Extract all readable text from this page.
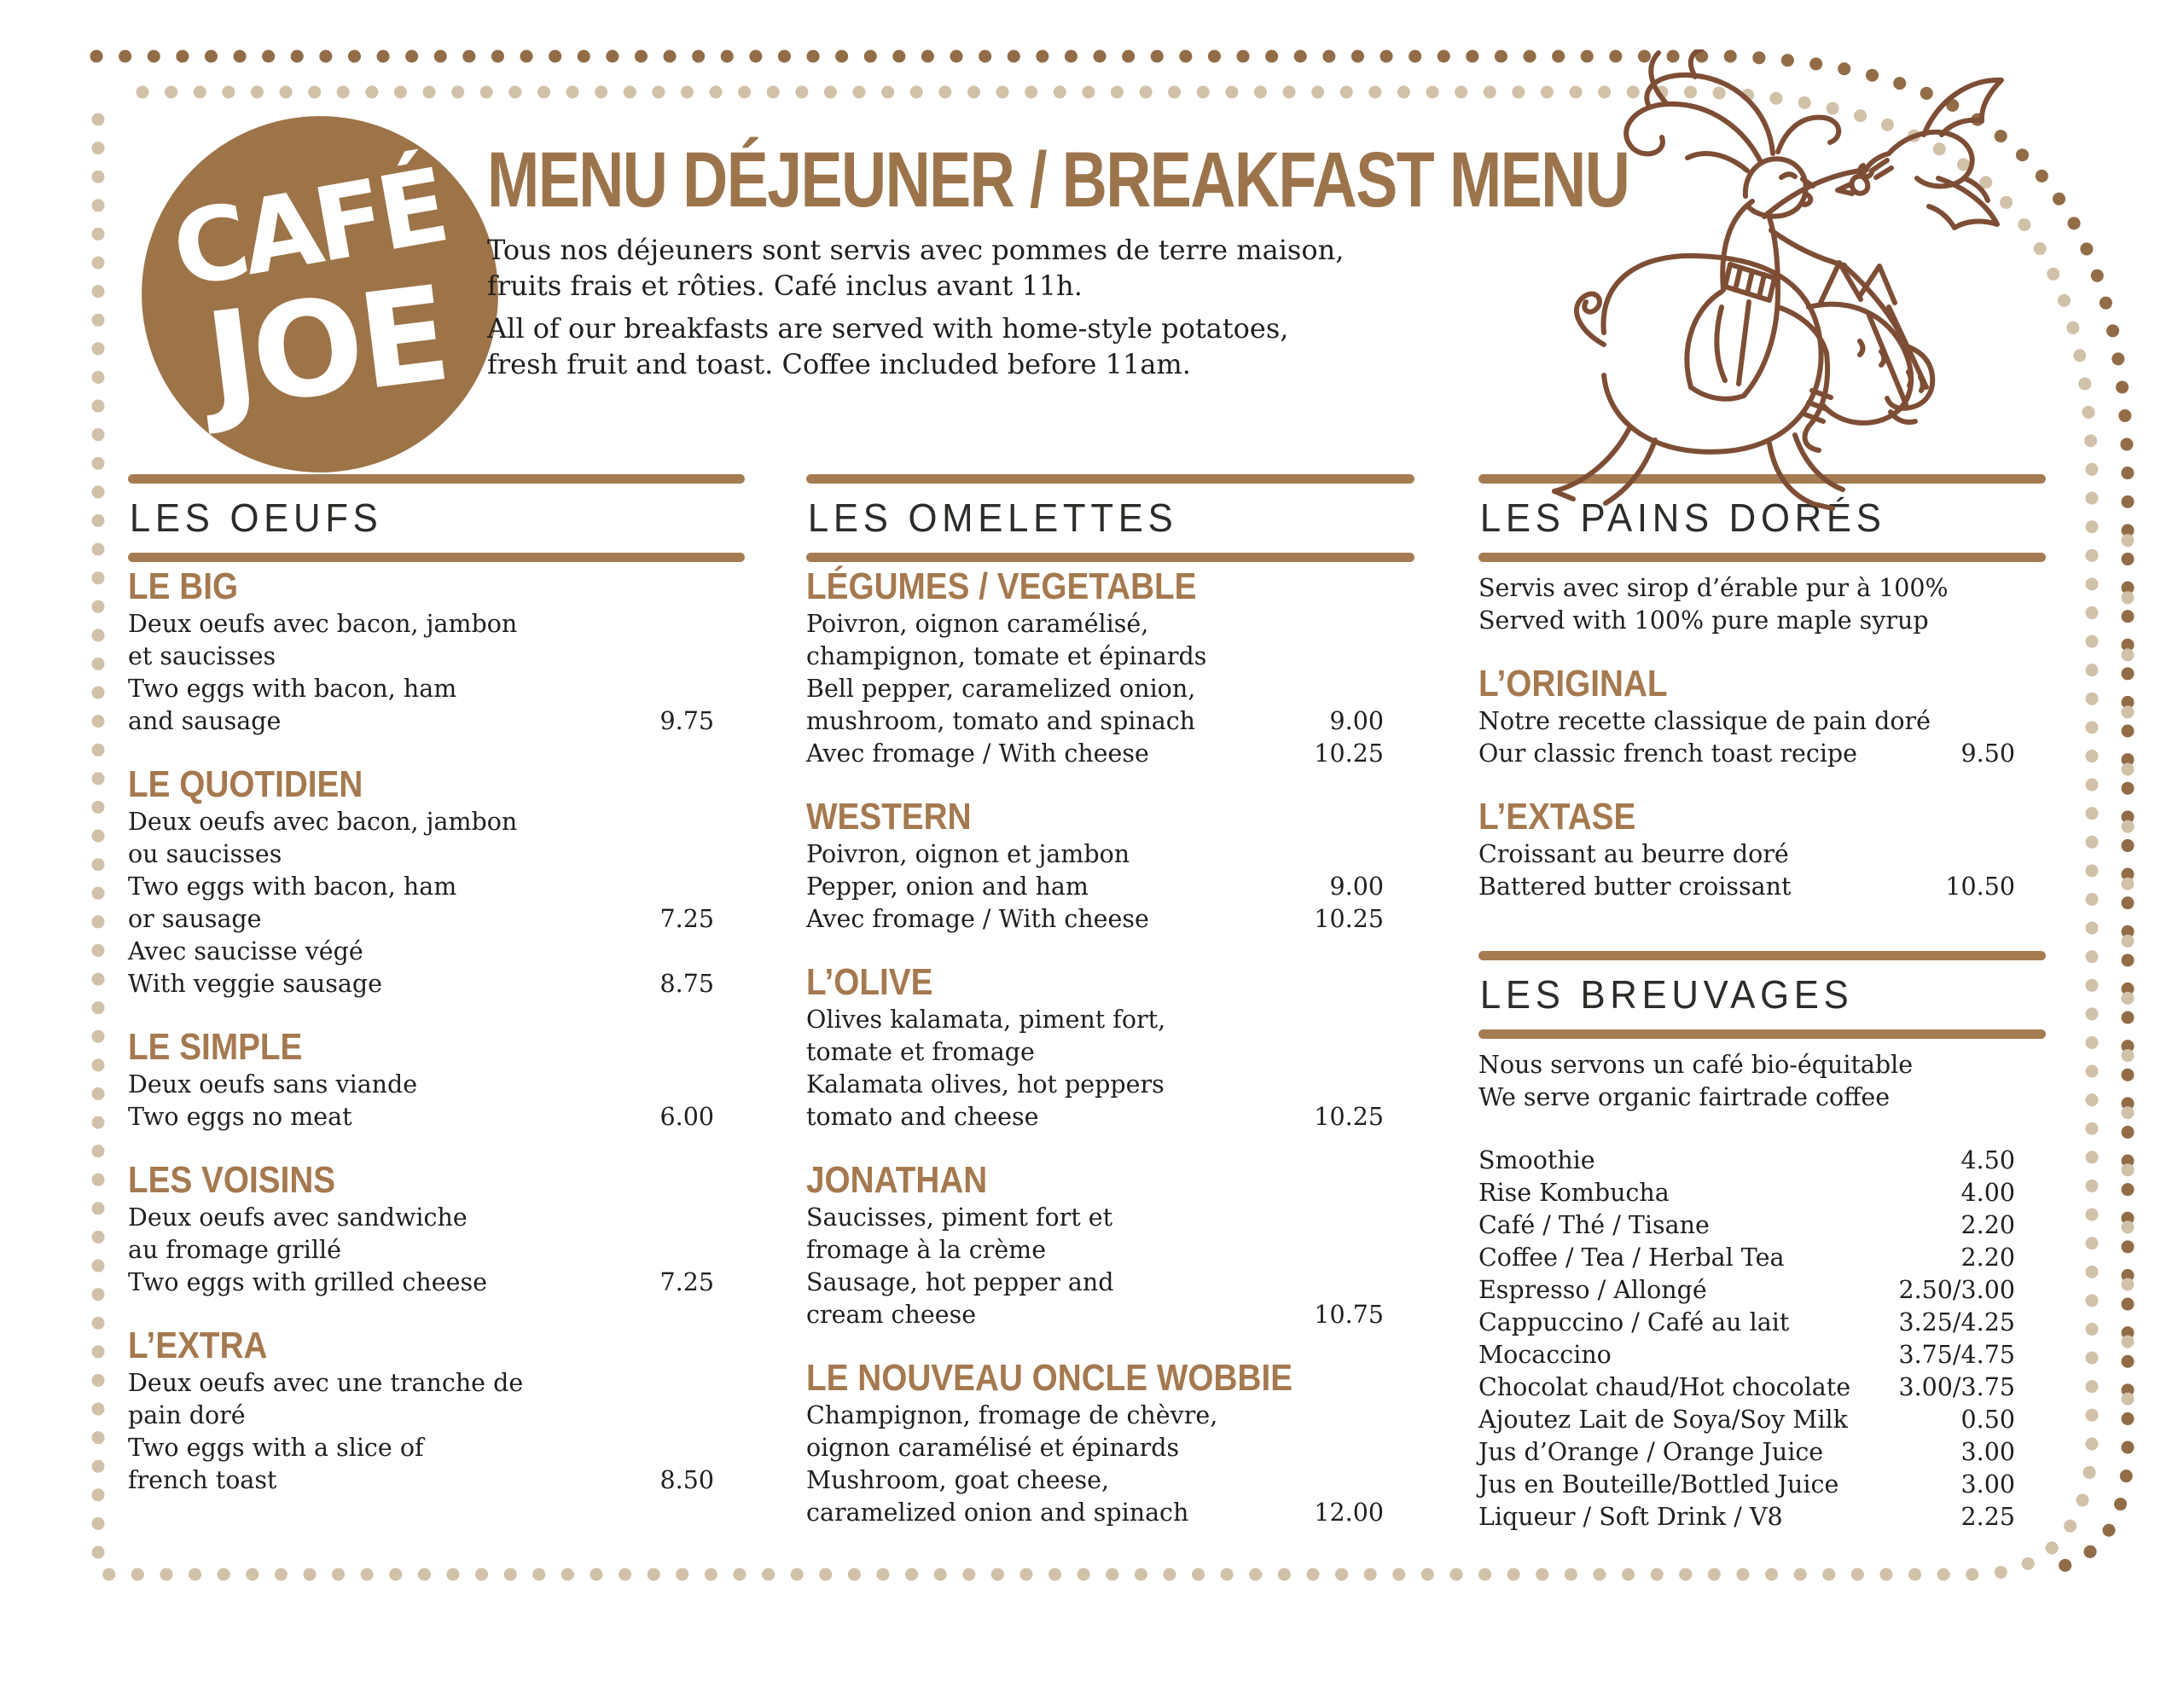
CAFÉ
JOE
MENU DÉJEUNER / BREAKFAST MENU
Tous nos déjeuners sont servis avec pommes de terre maison,
fruits frais et rôties. Café inclus avant 11h.
All of our breakfasts are served with home-style potatoes,
fresh fruit and toast. Coffee included before 11am.
LES OEUFS
LE BIG
Deux oeufs avec bacon, jambon
et saucisses
Two eggs with bacon, ham
and sausage	9.75
LE QUOTIDIEN
Deux oeufs avec bacon, jambon
ou saucisses
Two eggs with bacon, ham
or sausage	7.25
Avec saucisse végé
With veggie sausage	8.75
LE SIMPLE
Deux oeufs sans viande
Two eggs no meat	6.00
LES VOISINS
Deux oeufs avec sandwiche
au fromage grillé
Two eggs with grilled cheese	7.25
L’EXTRA
Deux oeufs avec une tranche de
pain doré
Two eggs with a slice of
french toast	8.50
LES OMELETTES
LÉGUMES / VEGETABLE
Poivron, oignon caramélisé,
champignon, tomate et épinards
Bell pepper, caramelized onion,
mushroom, tomato and spinach	9.00
Avec fromage / With cheese	10.25
WESTERN
Poivron, oignon et jambon
Pepper, onion and ham	9.00
Avec fromage / With cheese	10.25
L’OLIVE
Olives kalamata, piment fort,
tomate et fromage
Kalamata olives, hot peppers
tomato and cheese	10.25
JONATHAN
Saucisses, piment fort et
fromage à la crème
Sausage, hot pepper and
cream cheese	10.75
LE NOUVEAU ONCLE WOBBIE
Champignon, fromage de chèvre,
oignon caramélisé et épinards
Mushroom, goat cheese,
caramelized onion and spinach	12.00
LES PAINS DORÉS
Servis avec sirop d’érable pur à 100%
Served with 100% pure maple syrup
L’ORIGINAL
Notre recette classique de pain doré
Our classic french toast recipe	9.50
L’EXTASE
Croissant au beurre doré
Battered butter croissant	10.50
LES BREUVAGES
Nous servons un café bio-équitable
We serve organic fairtrade coffee
Smoothie	4.50
Rise Kombucha	4.00
Café / Thé / Tisane	2.20
Coffee / Tea / Herbal Tea	2.20
Espresso / Allongé	2.50/3.00
Cappuccino / Café au lait	3.25/4.25
Mocaccino	3.75/4.75
Chocolat chaud/Hot chocolate 3.00/3.75
Ajoutez Lait de Soya/Soy Milk	0.50
Jus d’Orange / Orange Juice	3.00
Jus en Bouteille/Bottled Juice	3.00
Liqueur / Soft Drink / V8	2.25
